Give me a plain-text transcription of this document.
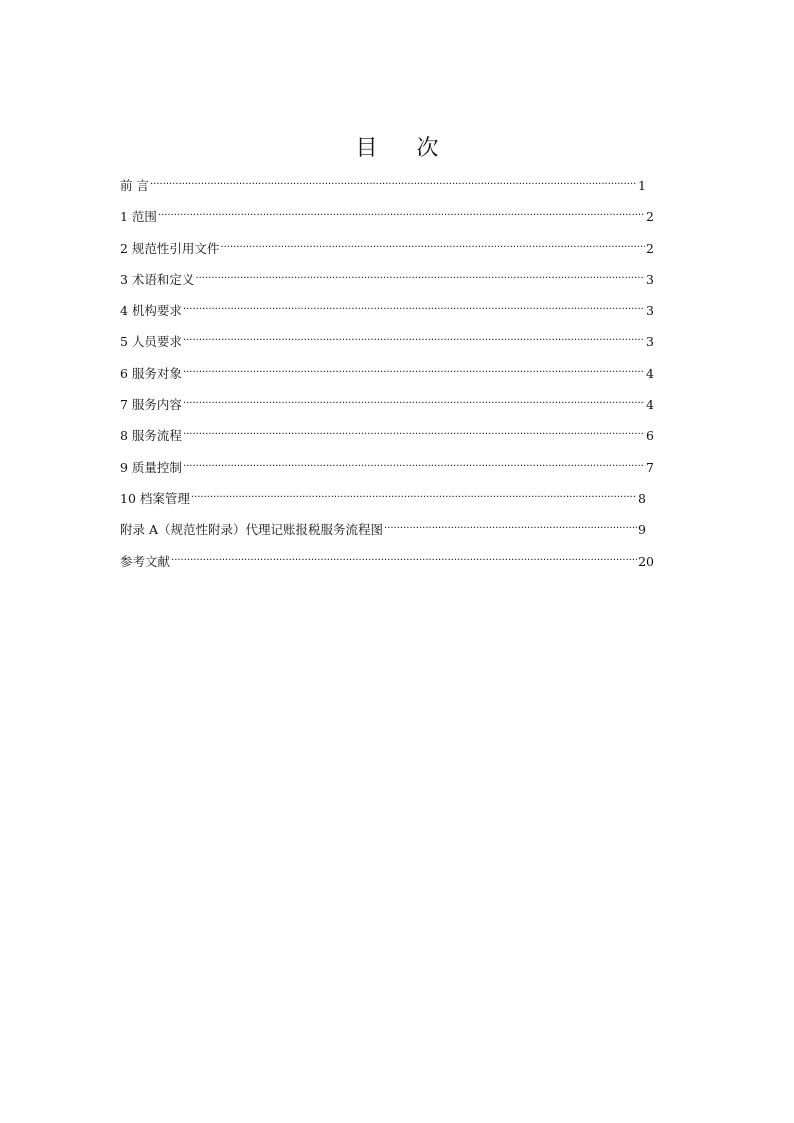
目 次
前 言 ·····	1
1 范围 ·····	2
2 规范性引用文件 ·····	2
3 术语和定义 ·····	3
4 机构要求 ·····	3
5 人员要求 ·····	3
6 服务对象 ·····	4
7 服务内容 ·····	4
8 服务流程 ·····	6
9 质量控制 ·····	7
10 档案管理 ·····	8
附录 A（规范性附录）代理记账报税服务流程图 ·····	9
参考文献 ·····	20
